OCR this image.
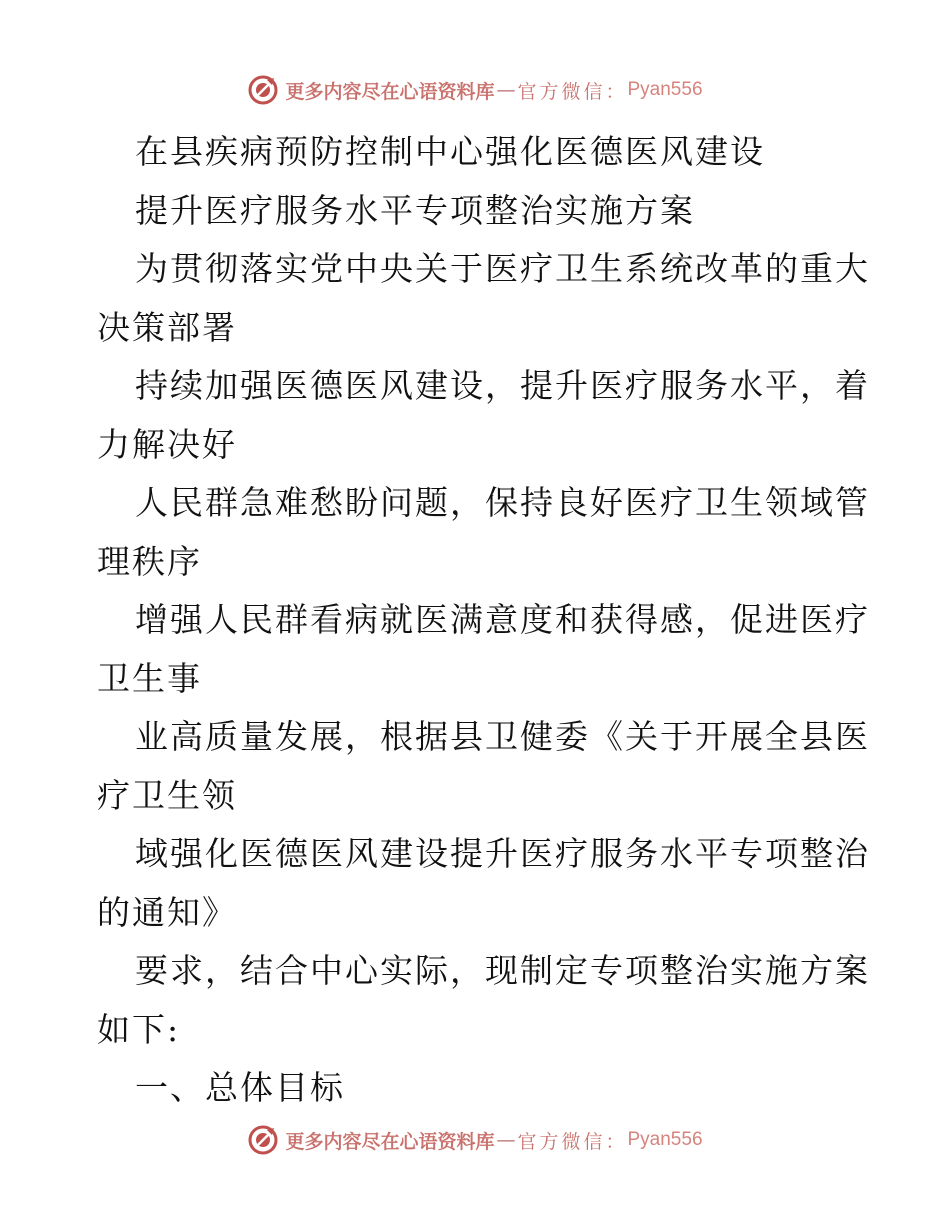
更多内容尽在心语资料库 — 官方微信： Pyan556
在县疾病预防控制中心强化医德医风建设
提升医疗服务水平专项整治实施方案
为贯彻落实党中央关于医疗卫生系统改革的重大
决策部署
持续加强医德医风建设，提升医疗服务水平，着
力解决好
人民群急难愁盼问题，保持良好医疗卫生领域管
理秩序
增强人民群看病就医满意度和获得感，促进医疗
卫生事
业高质量发展，根据县卫健委《关于开展全县医
疗卫生领
域强化医德医风建设提升医疗服务水平专项整治
的通知》
要求，结合中心实际，现制定专项整治实施方案
如下:
一、总体目标
更多内容尽在心语资料库 — 官方微信： Pyan556
